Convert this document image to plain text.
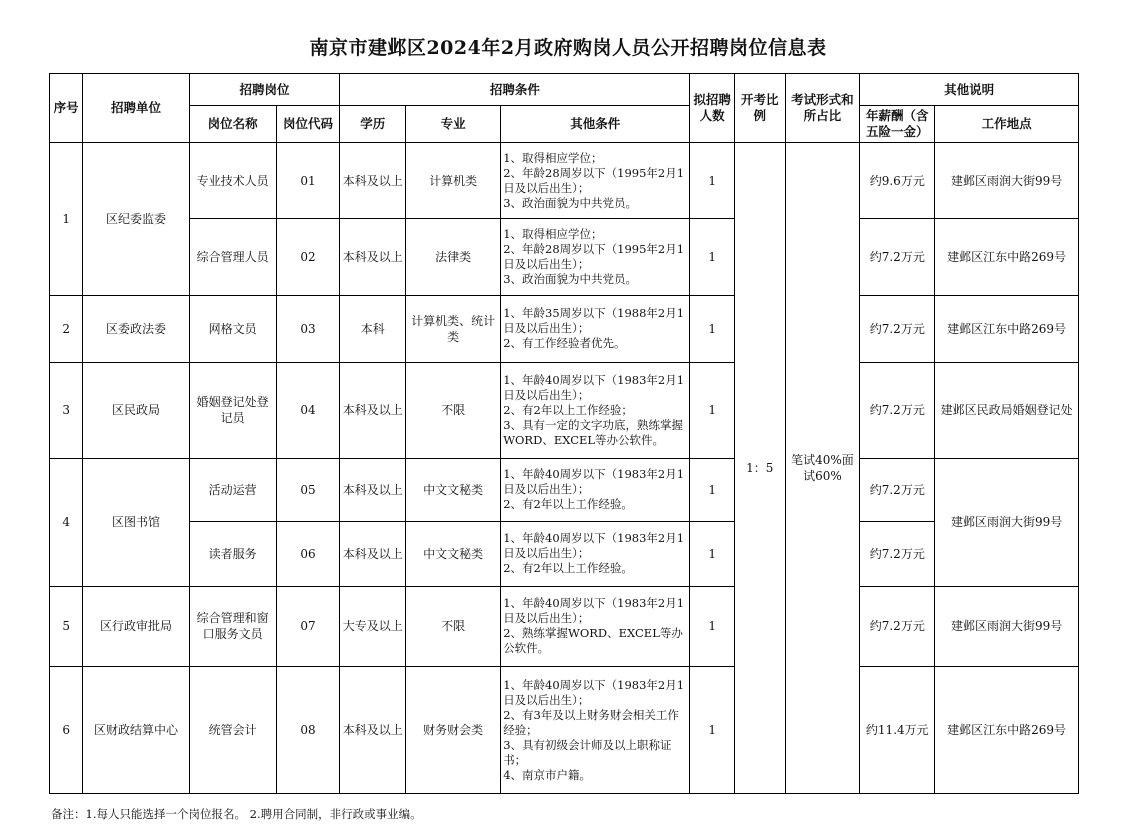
南京市建邺区2024年2月政府购岗人员公开招聘岗位信息表
序号	招聘单位	招聘岗位		招聘条件			拟招聘人数	开考比例	考试形式和所占比	其他说明	
		岗位名称	岗位代码	学历	专业	其他条件				年薪酬（含五险一金）	工作地点
1	区纪委监委	专业技术人员	01	本科及以上	计算机类	1、取得相应学位；
2、年龄28周岁以下（1995年2月1日及以后出生）；
3、政治面貌为中共党员。	1	1：5	笔试40%面试60%	约9.6万元	建邺区雨润大街99号
		综合管理人员	02	本科及以上	法律类	1、取得相应学位；
2、年龄28周岁以下（1995年2月1日及以后出生）；
3、政治面貌为中共党员。	1			约7.2万元	建邺区江东中路269号
2	区委政法委	网格文员	03	本科	计算机类、统计类	1、年龄35周岁以下（1988年2月1日及以后出生）；
2、有工作经验者优先。	1			约7.2万元	建邺区江东中路269号
3	区民政局	婚姻登记处登记员	04	本科及以上	不限	1、年龄40周岁以下（1983年2月1日及以后出生）；
2、有2年以上工作经验；
3、具有一定的文字功底，熟练掌握WORD、EXCEL等办公软件。	1			约7.2万元	建邺区民政局婚姻登记处
4	区图书馆	活动运营	05	本科及以上	中文文秘类	1、年龄40周岁以下（1983年2月1日及以后出生）；
2、有2年以上工作经验。	1			约7.2万元	建邺区雨润大街99号
		读者服务	06	本科及以上	中文文秘类	1、年龄40周岁以下（1983年2月1日及以后出生）；
2、有2年以上工作经验。	1			约7.2万元	
5	区行政审批局	综合管理和窗口服务文员	07	大专及以上	不限	1、年龄40周岁以下（1983年2月1日及以后出生）；
2、熟练掌握WORD、EXCEL等办公软件。	1			约7.2万元	建邺区雨润大街99号
6	区财政结算中心	统管会计	08	本科及以上	财务财会类	1、年龄40周岁以下（1983年2月1日及以后出生）；
2、有3年及以上财务财会相关工作经验；
3、具有初级会计师及以上职称证书；
4、南京市户籍。	1			约11.4万元	建邺区江东中路269号
备注：1.每人只能选择一个岗位报名。 2.聘用合同制，非行政或事业编。
